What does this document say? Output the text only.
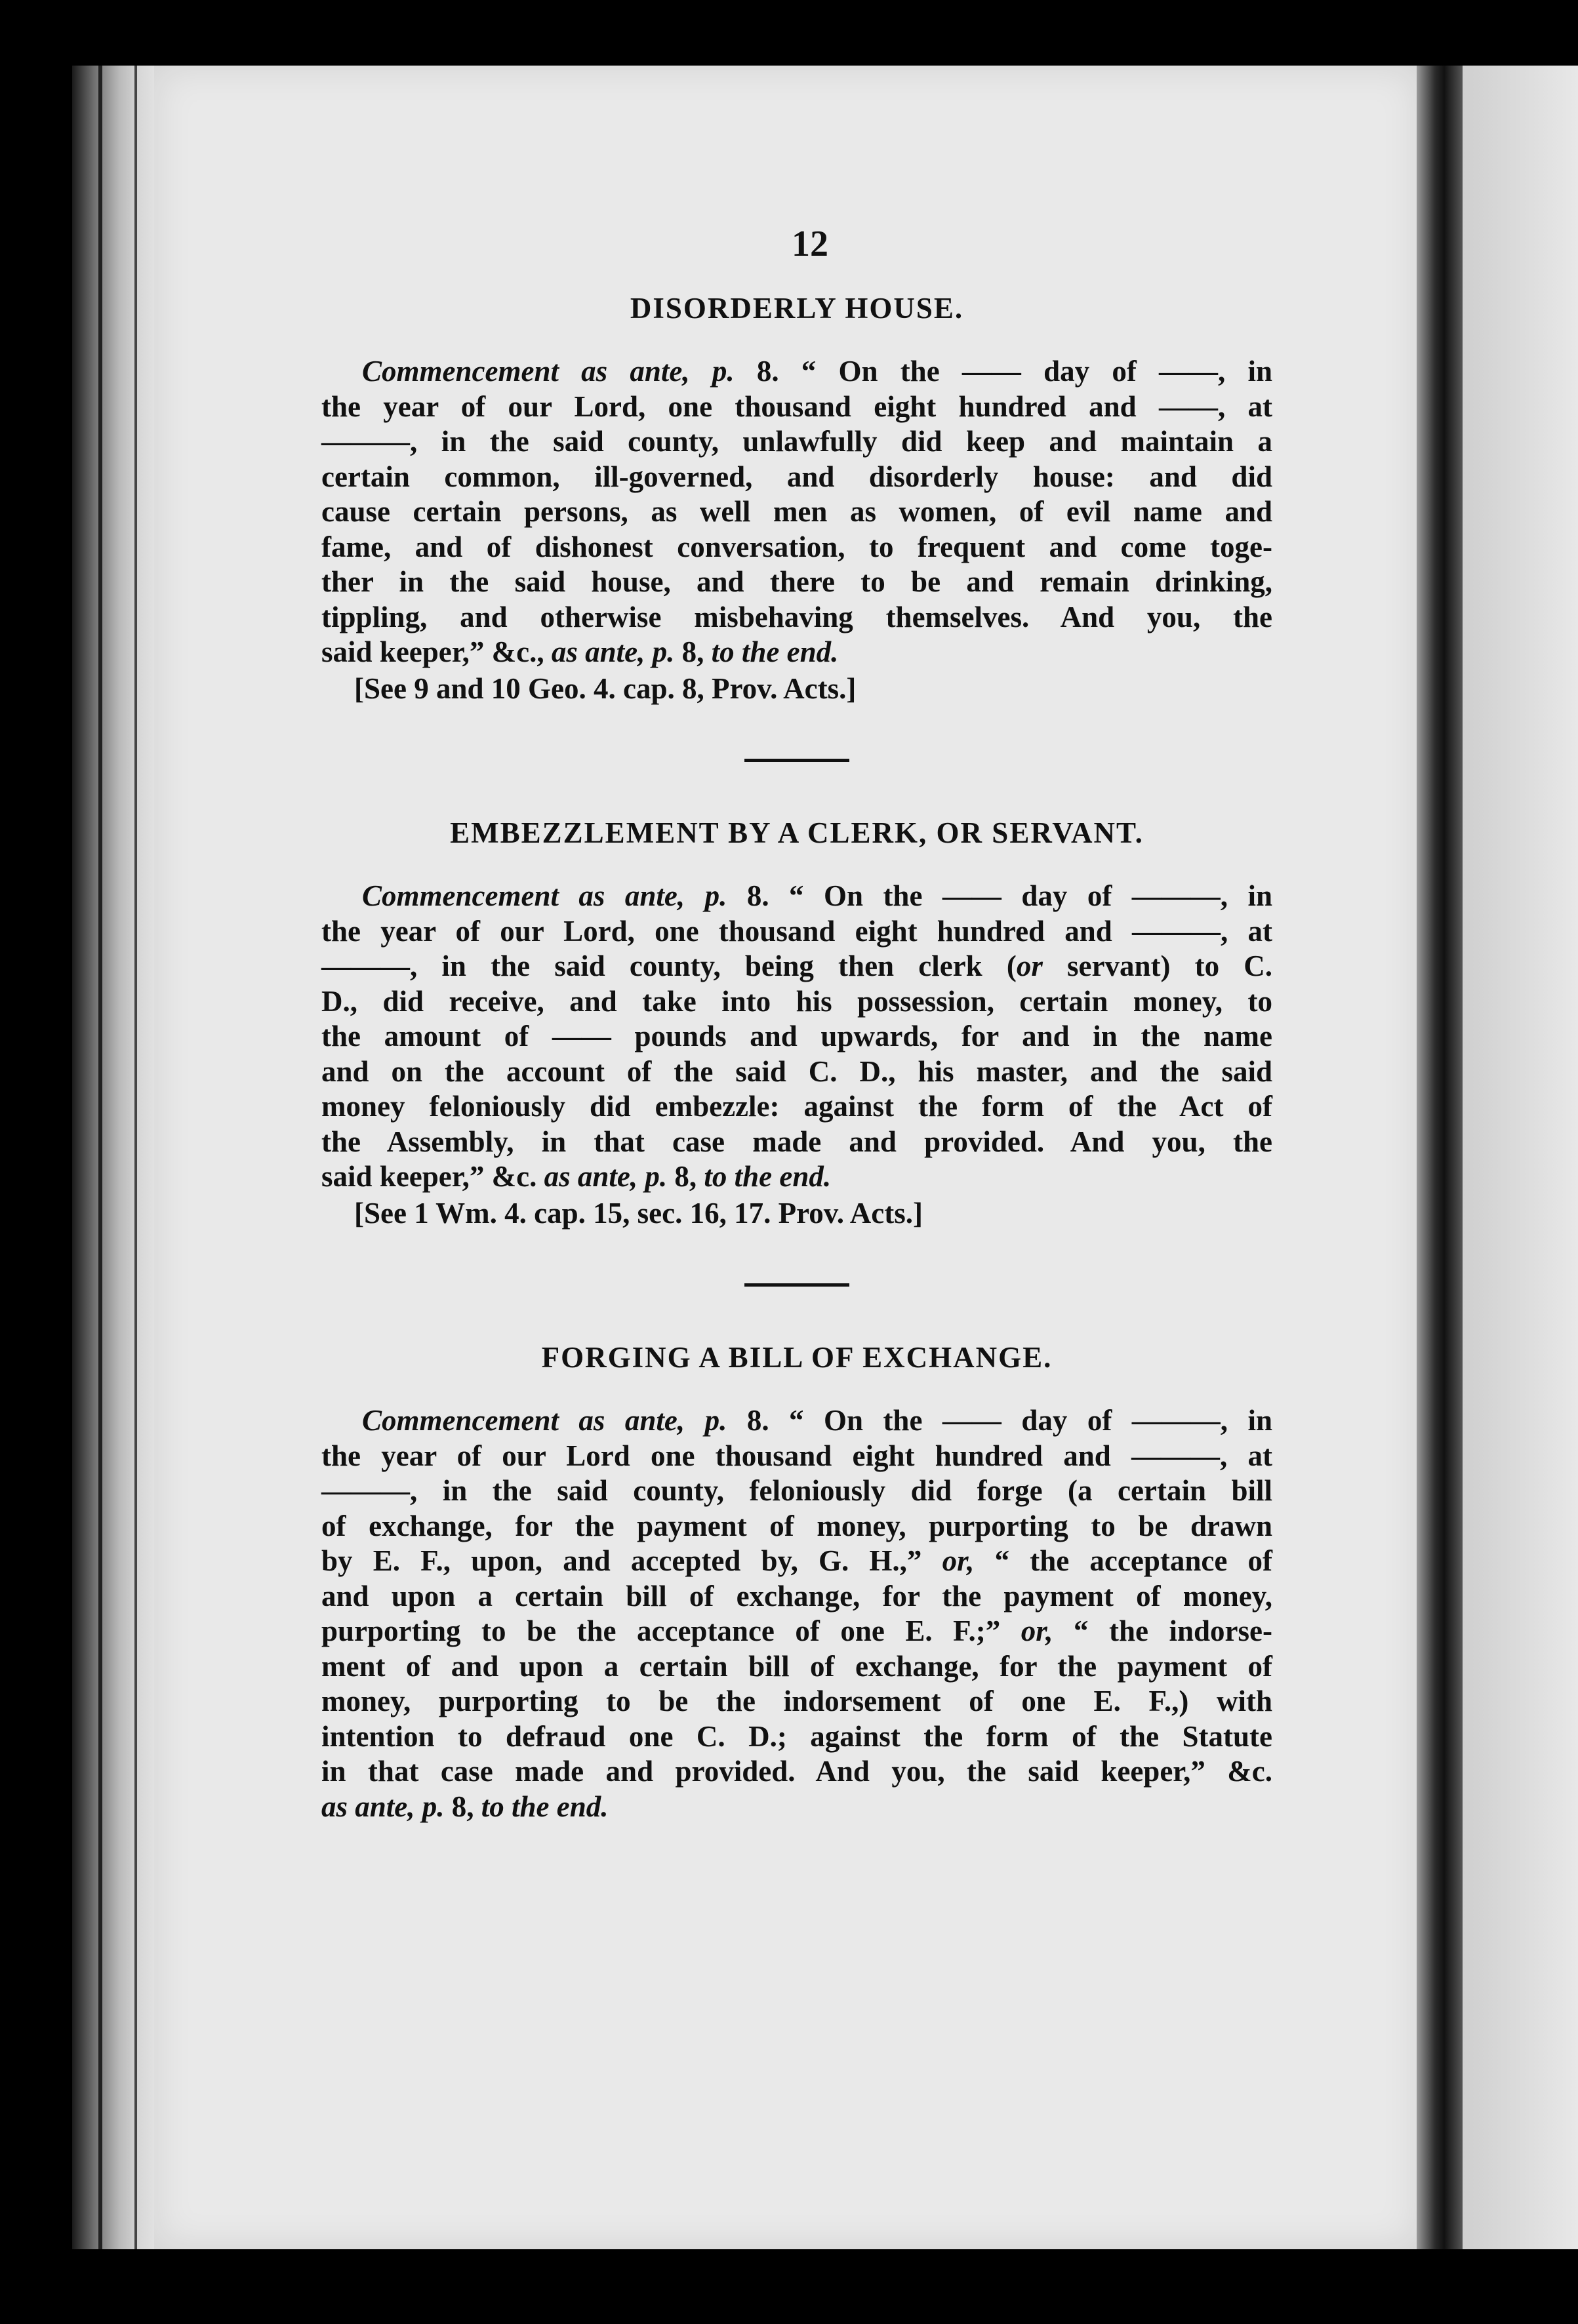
12
DISORDERLY HOUSE.
Commencement as ante, p. 8. “ On the —— day of ——, in
the year of our Lord, one thousand eight hundred and ——, at
———, in the said county, unlawfully did keep and maintain a
certain common, ill-governed, and disorderly house: and did
cause certain persons, as well men as women, of evil name and
fame, and of dishonest conversation, to frequent and come toge-
ther in the said house, and there to be and remain drinking,
tippling, and otherwise misbehaving themselves. And you, the
said keeper,” &c., as ante, p. 8, to the end.
[See 9 and 10 Geo. 4. cap. 8, Prov. Acts.]
EMBEZZLEMENT BY A CLERK, OR SERVANT.
Commencement as ante, p. 8. “ On the —— day of ———, in
the year of our Lord, one thousand eight hundred and ———, at
———, in the said county, being then clerk (or servant) to C.
D., did receive, and take into his possession, certain money, to
the amount of —— pounds and upwards, for and in the name
and on the account of the said C. D., his master, and the said
money feloniously did embezzle: against the form of the Act of
the Assembly, in that case made and provided. And you, the
said keeper,” &c. as ante, p. 8, to the end.
[See 1 Wm. 4. cap. 15, sec. 16, 17. Prov. Acts.]
FORGING A BILL OF EXCHANGE.
Commencement as ante, p. 8. “ On the —— day of ———, in
the year of our Lord one thousand eight hundred and ———, at
———, in the said county, feloniously did forge (a certain bill
of exchange, for the payment of money, purporting to be drawn
by E. F., upon, and accepted by, G. H.,” or, “ the acceptance of
and upon a certain bill of exchange, for the payment of money,
purporting to be the acceptance of one E. F.;” or, “ the indorse-
ment of and upon a certain bill of exchange, for the payment of
money, purporting to be the indorsement of one E. F.,) with
intention to defraud one C. D.; against the form of the Statute
in that case made and provided. And you, the said keeper,” &c.
as ante, p. 8, to the end.
